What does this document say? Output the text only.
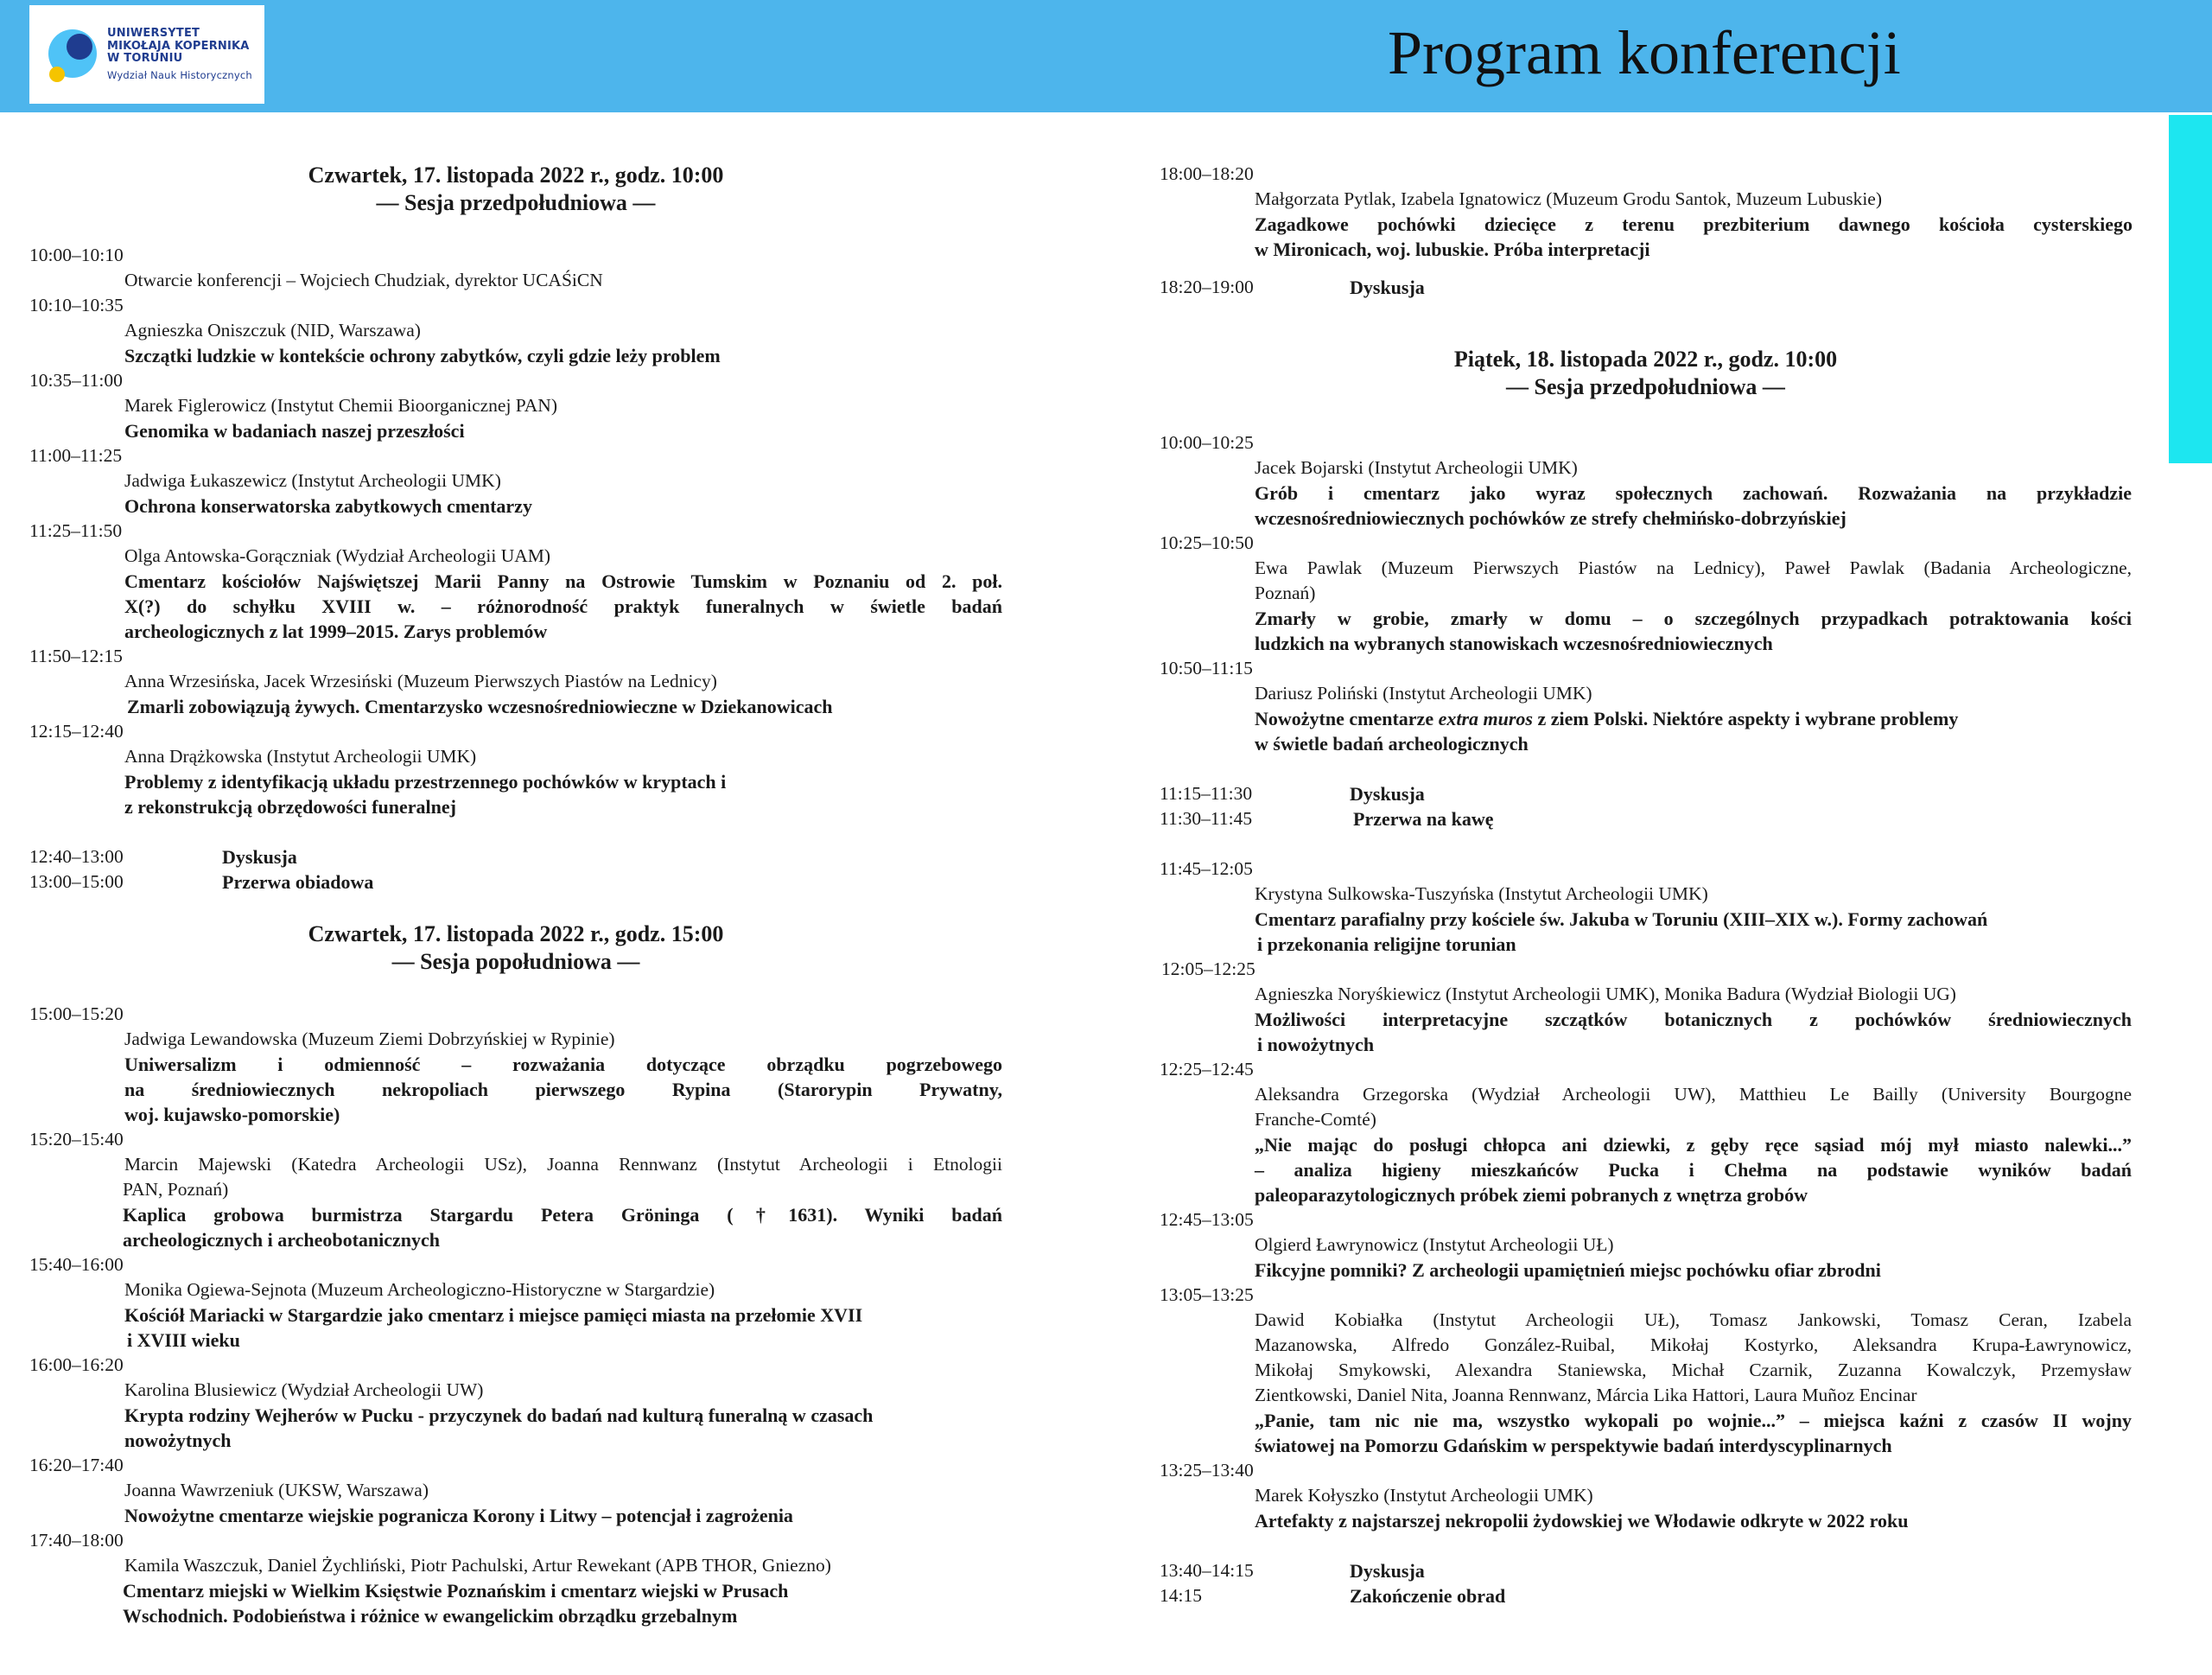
UNIWERSYTET
MIKOŁAJA KOPERNIKA
W TORUNIU
Wydział Nauk Historycznych	Program konferencji
Czwartek, 17. listopada 2022 r., godz. 10:00
— Sesja przedpołudniowa —
10:00–10:10
Otwarcie konferencji – Wojciech Chudziak, dyrektor UCAŚiCN
10:10–10:35
Agnieszka Oniszczuk (NID, Warszawa)
Szczątki ludzkie w kontekście ochrony zabytków, czyli gdzie leży problem
10:35–11:00
Marek Figlerowicz (Instytut Chemii Bioorganicznej PAN)
Genomika w badaniach naszej przeszłości
11:00–11:25
Jadwiga Łukaszewicz (Instytut Archeologii UMK)
Ochrona konserwatorska zabytkowych cmentarzy
11:25–11:50
Olga Antowska-Gorączniak (Wydział Archeologii UAM)
Cmentarz kościołów Najświętszej Marii Panny na Ostrowie Tumskim w Poznaniu od 2. poł.
X(?) do schyłku XVIII w. – różnorodność praktyk funeralnych w świetle badań
archeologicznych z lat 1999–2015. Zarys problemów
11:50–12:15
Anna Wrzesińska, Jacek Wrzesiński (Muzeum Pierwszych Piastów na Lednicy)
Zmarli zobowiązują żywych. Cmentarzysko wczesnośredniowieczne w Dziekanowicach
12:15–12:40
Anna Drążkowska (Instytut Archeologii UMK)
Problemy z identyfikacją układu przestrzennego pochówków w kryptach i
z rekonstrukcją obrzędowości funeralnej
12:40–13:00	Dyskusja
13:00–15:00	Przerwa obiadowa
Czwartek, 17. listopada 2022 r., godz. 15:00
— Sesja popołudniowa —
15:00–15:20
Jadwiga Lewandowska (Muzeum Ziemi Dobrzyńskiej w Rypinie)
Uniwersalizm i odmienność – rozważania dotyczące obrządku pogrzebowego
na średniowiecznych nekropoliach pierwszego Rypina (Starorypin Prywatny,
woj. kujawsko-pomorskie)
15:20–15:40
Marcin Majewski (Katedra Archeologii USz), Joanna Rennwanz (Instytut Archeologii i Etnologii
PAN, Poznań)
Kaplica grobowa burmistrza Stargardu Petera Gröninga (†1631). Wyniki badań
archeologicznych i archeobotanicznych
15:40–16:00
Monika Ogiewa-Sejnota (Muzeum Archeologiczno-Historyczne w Stargardzie)
Kościół Mariacki w Stargardzie jako cmentarz i miejsce pamięci miasta na przełomie XVII
i XVIII wieku
16:00–16:20
Karolina Blusiewicz (Wydział Archeologii UW)
Krypta rodziny Wejherów w Pucku - przyczynek do badań nad kulturą funeralną w czasach
nowożytnych
16:20–17:40
Joanna Wawrzeniuk (UKSW, Warszawa)
Nowożytne cmentarze wiejskie pogranicza Korony i Litwy – potencjał i zagrożenia
17:40–18:00
Kamila Waszczuk, Daniel Żychliński, Piotr Pachulski, Artur Rewekant (APB THOR, Gniezno)
Cmentarz miejski w Wielkim Księstwie Poznańskim i cmentarz wiejski w Prusach
Wschodnich. Podobieństwa i różnice w ewangelickim obrządku grzebalnym
18:00–18:20
Małgorzata Pytlak, Izabela Ignatowicz (Muzeum Grodu Santok, Muzeum Lubuskie)
Zagadkowe pochówki dziecięce z terenu prezbiterium dawnego kościoła cysterskiego
w Mironicach, woj. lubuskie. Próba interpretacji
18:20–19:00	Dyskusja
Piątek, 18. listopada 2022 r., godz. 10:00
— Sesja przedpołudniowa —
10:00–10:25
Jacek Bojarski (Instytut Archeologii UMK)
Grób i cmentarz jako wyraz społecznych zachowań. Rozważania na przykładzie
wczesnośredniowiecznych pochówków ze strefy chełmińsko-dobrzyńskiej
10:25–10:50
Ewa Pawlak (Muzeum Pierwszych Piastów na Lednicy), Paweł Pawlak (Badania Archeologiczne,
Poznań)
Zmarły w grobie, zmarły w domu – o szczególnych przypadkach potraktowania kości
ludzkich na wybranych stanowiskach wczesnośredniowiecznych
10:50–11:15
Dariusz Poliński (Instytut Archeologii UMK)
Nowożytne cmentarze extra muros z ziem Polski. Niektóre aspekty i wybrane problemy
w świetle badań archeologicznych
11:15–11:30	Dyskusja
11:30–11:45	Przerwa na kawę
11:45–12:05
Krystyna Sulkowska-Tuszyńska (Instytut Archeologii UMK)
Cmentarz parafialny przy kościele św. Jakuba w Toruniu (XIII–XIX w.). Formy zachowań
i przekonania religijne torunian
12:05–12:25
Agnieszka Noryśkiewicz (Instytut Archeologii UMK), Monika Badura (Wydział Biologii UG)
Możliwości interpretacyjne szczątków botanicznych z pochówków średniowiecznych
i nowożytnych
12:25–12:45
Aleksandra Grzegorska (Wydział Archeologii UW), Matthieu Le Bailly (University Bourgogne
Franche-Comté)
„Nie mając do posługi chłopca ani dziewki, z gęby ręce sąsiad mój mył miasto nalewki...”
– analiza higieny mieszkańców Pucka i Chełma na podstawie wyników badań
paleoparazytologicznych próbek ziemi pobranych z wnętrza grobów
12:45–13:05
Olgierd Ławrynowicz (Instytut Archeologii UŁ)
Fikcyjne pomniki? Z archeologii upamiętnień miejsc pochówku ofiar zbrodni
13:05–13:25
Dawid Kobiałka (Instytut Archeologii UŁ), Tomasz Jankowski, Tomasz Ceran, Izabela
Mazanowska, Alfredo González-Ruibal, Mikołaj Kostyrko, Aleksandra Krupa-Ławrynowicz,
Mikołaj Smykowski, Alexandra Staniewska, Michał Czarnik, Zuzanna Kowalczyk, Przemysław
Zientkowski, Daniel Nita, Joanna Rennwanz, Márcia Lika Hattori, Laura Muñoz Encinar
„Panie, tam nic nie ma, wszystko wykopali po wojnie...” – miejsca kaźni z czasów II wojny
światowej na Pomorzu Gdańskim w perspektywie badań interdyscyplinarnych
13:25–13:40
Marek Kołyszko (Instytut Archeologii UMK)
Artefakty z najstarszej nekropolii żydowskiej we Włodawie odkryte w 2022 roku
13:40–14:15	Dyskusja
14:15	Zakończenie obrad
